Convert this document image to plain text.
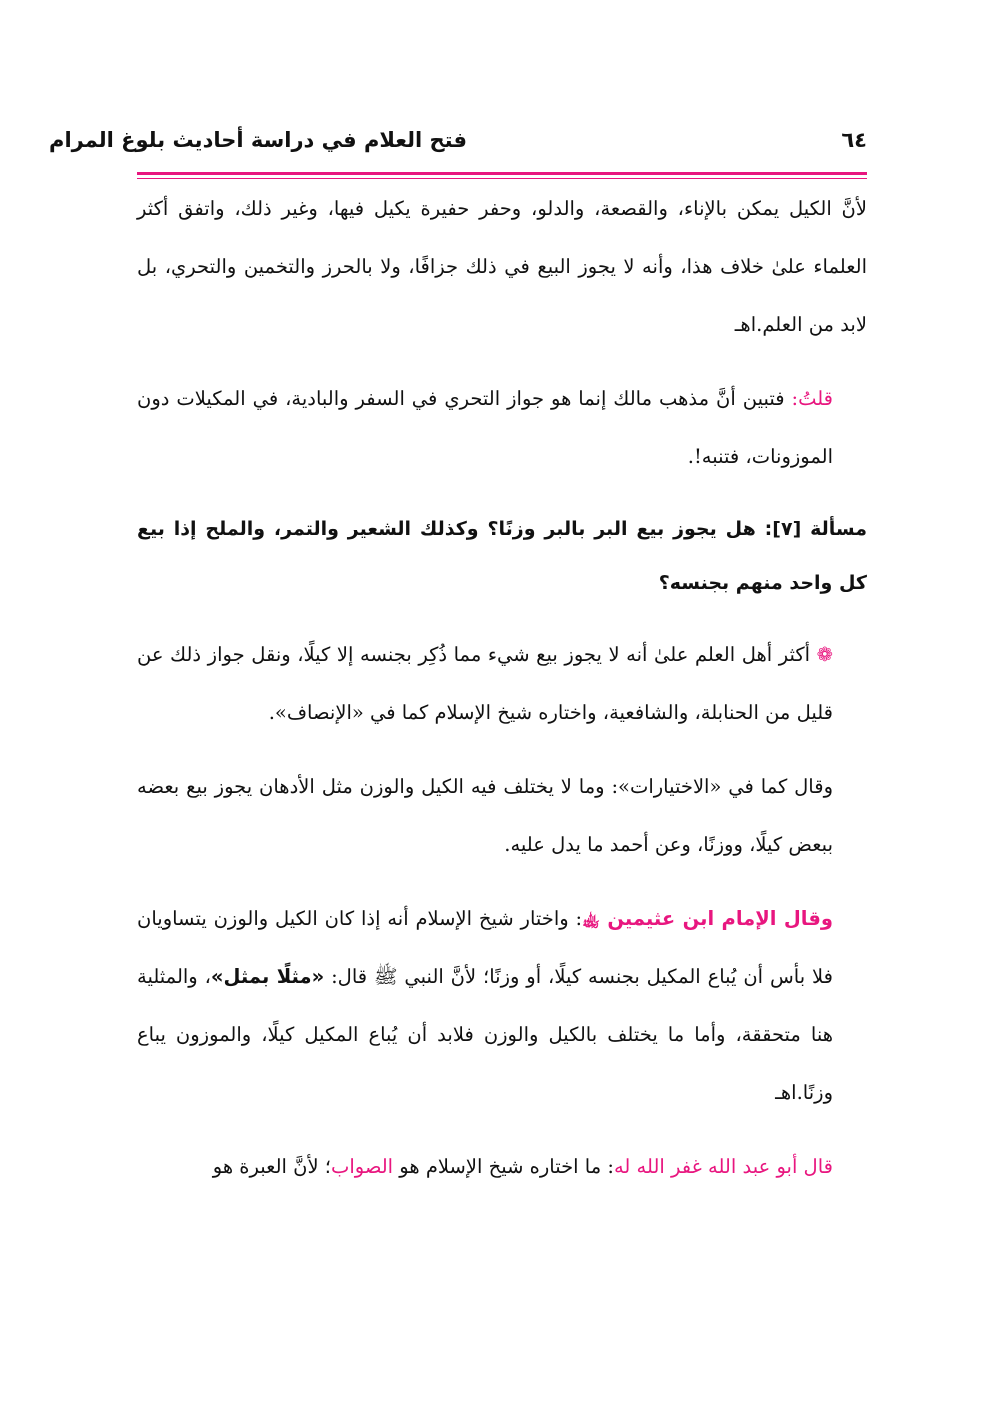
فتح العلام في دراسة أحاديث بلوغ المرام	٦٤

لأنَّ الكيل يمكن بالإناء، والقصعة، والدلو، وحفر حفيرة يكيل فيها، وغير ذلك، واتفق أكثر العلماء علىٰ خلاف هذا، وأنه لا يجوز البيع في ذلك جزافًا، ولا بالحرز والتخمين والتحري، بل لابد من العلم.اهـ

قلتُ: فتبين أنَّ مذهب مالك إنما هو جواز التحري في السفر والبادية، في المكيلات دون الموزونات، فتنبه!.

مسألة [٧]: هل يجوز بيع البر بالبر وزنًا؟ وكذلك الشعير والتمر، والملح إذا بيع كل واحد منهم بجنسه؟

❁ أكثر أهل العلم علىٰ أنه لا يجوز بيع شيء مما ذُكِر بجنسه إلا كيلًا، ونقل جواز ذلك عن قليل من الحنابلة، والشافعية، واختاره شيخ الإسلام كما في «الإنصاف».

وقال كما في «الاختيارات»: وما لا يختلف فيه الكيل والوزن مثل الأدهان يجوز بيع بعضه ببعض كيلًا، ووزنًا، وعن أحمد ما يدل عليه.

وقال الإمام ابن عثيمين ﵀: واختار شيخ الإسلام أنه إذا كان الكيل والوزن يتساويان فلا بأس أن يُباع المكيل بجنسه كيلًا، أو وزنًا؛ لأنَّ النبي ﷺ قال: «مثلًا بمثل»، والمثلية هنا متحققة، وأما ما يختلف بالكيل والوزن فلابد أن يُباع المكيل كيلًا، والموزون يباع وزنًا.اهـ

قال أبو عبد الله غفر الله له: ما اختاره شيخ الإسلام هو الصواب؛ لأنَّ العبرة هو
